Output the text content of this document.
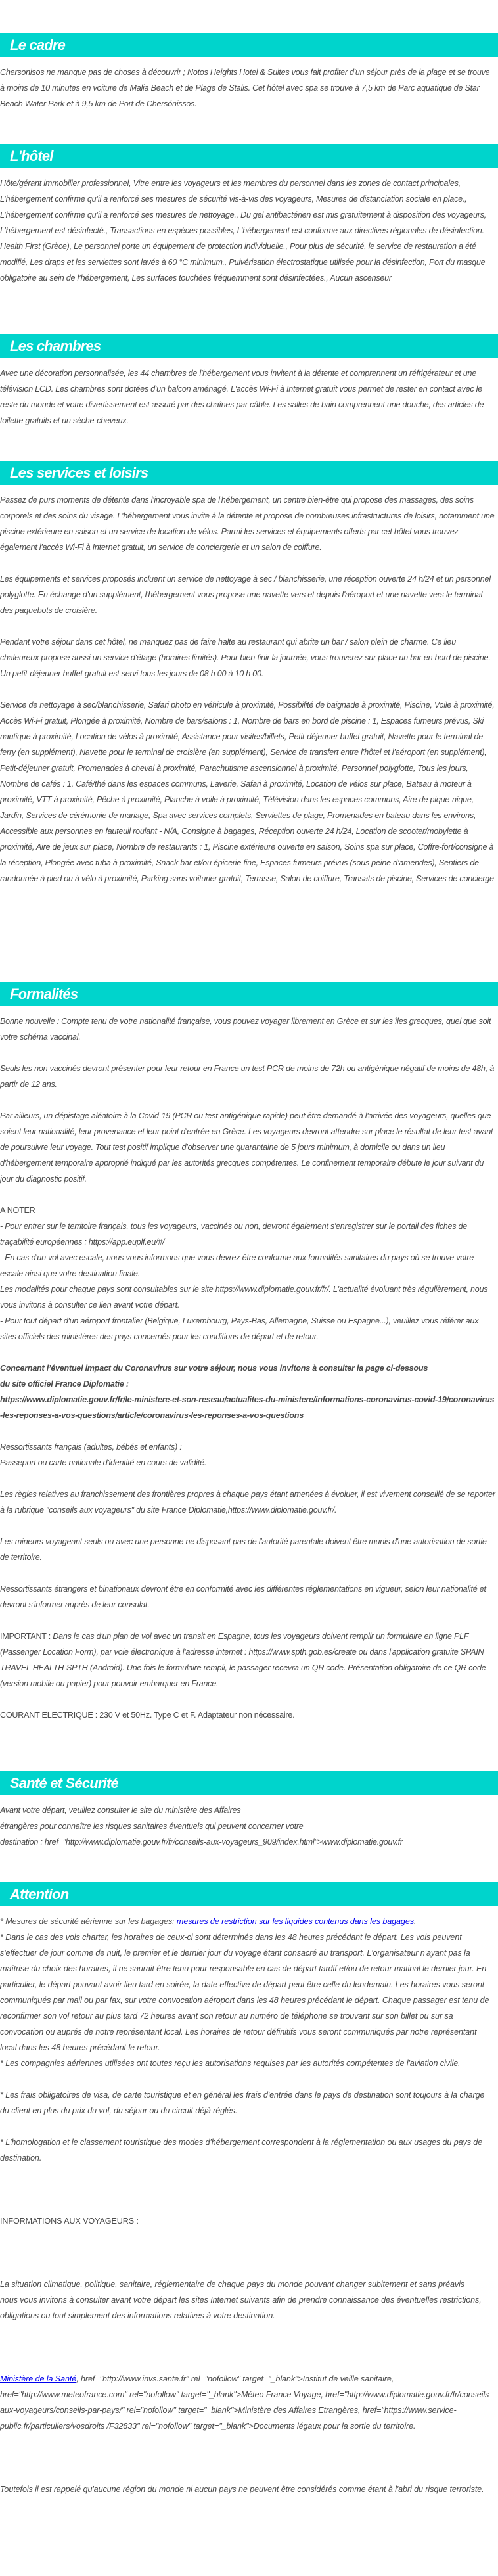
Le cadre

Chersonisos ne manque pas de choses à découvrir ; Notos Heights Hotel & Suites vous fait profiter d'un séjour près de la plage et se trouve à moins de 10 minutes en voiture de Malia Beach et de Plage de Stalis. Cet hôtel avec spa se trouve à 7,5 km de Parc aquatique de Star Beach Water Park et à 9,5 km de Port de Chersónissos.

L'hôtel

Hôte/gérant immobilier professionnel, Vitre entre les voyageurs et les membres du personnel dans les zones de contact principales, L’hébergement confirme qu’il a renforcé ses mesures de sécurité vis-à-vis des voyageurs, Mesures de distanciation sociale en place., L’hébergement confirme qu’il a renforcé ses mesures de nettoyage., Du gel antibactérien est mis gratuitement à disposition des voyageurs, L’hébergement est désinfecté., Transactions en espèces possibles, L’hébergement est conforme aux directives régionales de désinfection. Health First (Grèce), Le personnel porte un équipement de protection individuelle., Pour plus de sécurité, le service de restauration a été modifié, Les draps et les serviettes sont lavés à 60 °C minimum., Pulvérisation électrostatique utilisée pour la désinfection, Port du masque obligatoire au sein de l’hébergement, Les surfaces touchées fréquemment sont désinfectées., Aucun ascenseur

Les chambres

Avec une décoration personnalisée, les 44 chambres de l'hébergement vous invitent à la détente et comprennent un réfrigérateur et une télévision LCD. Les chambres sont dotées d'un balcon aménagé. L'accès Wi-Fi à Internet gratuit vous permet de rester en contact avec le reste du monde et votre divertissement est assuré par des chaînes par câble. Les salles de bain comprennent une douche, des articles de toilette gratuits et un sèche-cheveux.

Les services et loisirs

Passez de purs moments de détente dans l'incroyable spa de l'hébergement, un centre bien-être qui propose des massages, des soins corporels et des soins du visage. L'hébergement vous invite à la détente et propose de nombreuses infrastructures de loisirs, notamment une piscine extérieure en saison et un service de location de vélos. Parmi les services et équipements offerts par cet hôtel vous trouvez également l'accès Wi-Fi à Internet gratuit, un service de conciergerie et un salon de coiffure.

Les équipements et services proposés incluent un service de nettoyage à sec / blanchisserie, une réception ouverte 24 h/24 et un personnel polyglotte. En échange d'un supplément, l'hébergement vous propose une navette vers et depuis l'aéroport et une navette vers le terminal des paquebots de croisière.

Pendant votre séjour dans cet hôtel, ne manquez pas de faire halte au restaurant qui abrite un bar / salon plein de charme. Ce lieu chaleureux propose aussi un service d'étage (horaires limités). Pour bien finir la journée, vous trouverez sur place un bar en bord de piscine. Un petit-déjeuner buffet gratuit est servi tous les jours de 08 h 00 à 10 h 00.

Service de nettoyage à sec/blanchisserie, Safari photo en véhicule à proximité, Possibilité de baignade à proximité, Piscine, Voile à proximité, Accès Wi-Fi gratuit, Plongée à proximité, Nombre de bars/salons : 1, Nombre de bars en bord de piscine : 1, Espaces fumeurs prévus, Ski nautique à proximité, Location de vélos à proximité, Assistance pour visites/billets, Petit-déjeuner buffet gratuit, Navette pour le terminal de ferry (en supplément), Navette pour le terminal de croisière (en supplément), Service de transfert entre l’hôtel et l’aéroport (en supplément), Petit-déjeuner gratuit, Promenades à cheval à proximité, Parachutisme ascensionnel à proximité, Personnel polyglotte, Tous les jours, Nombre de cafés : 1, Café/thé dans les espaces communs, Laverie, Safari à proximité, Location de vélos sur place, Bateau à moteur à proximité, VTT à proximité, Pêche à proximité, Planche à voile à proximité, Télévision dans les espaces communs, Aire de pique-nique, Jardin, Services de cérémonie de mariage, Spa avec services complets, Serviettes de plage, Promenades en bateau dans les environs, Accessible aux personnes en fauteuil roulant - N/A, Consigne à bagages, Réception ouverte 24 h/24, Location de scooter/mobylette à proximité, Aire de jeux sur place, Nombre de restaurants : 1, Piscine extérieure ouverte en saison, Soins spa sur place, Coffre-fort/consigne à la réception, Plongée avec tuba à proximité, Snack bar et/ou épicerie fine, Espaces fumeurs prévus (sous peine d’amendes), Sentiers de randonnée à pied ou à vélo à proximité, Parking sans voiturier gratuit, Terrasse, Salon de coiffure, Transats de piscine, Services de concierge

Formalités

Bonne nouvelle : Compte tenu de votre nationalité française, vous pouvez voyager librement en Grèce et sur les îles grecques, quel que soit votre schéma vaccinal.

Seuls les non vaccinés devront présenter pour leur retour en France un test PCR de moins de 72h ou antigénique négatif de moins de 48h, à partir de 12 ans.

Par ailleurs, un dépistage aléatoire à la Covid-19 (PCR ou test antigénique rapide) peut être demandé à l'arrivée des voyageurs, quelles que soient leur nationalité, leur provenance et leur point d'entrée en Grèce. Les voyageurs devront attendre sur place le résultat de leur test avant de poursuivre leur voyage. Tout test positif implique d'observer une quarantaine de 5 jours minimum, à domicile ou dans un lieu d'hébergement temporaire approprié indiqué par les autorités grecques compétentes. Le confinement temporaire débute le jour suivant du jour du diagnostic positif.

A NOTER
- Pour entrer sur le territoire français, tous les voyageurs, vaccinés ou non, devront également s'enregistrer sur le portail des fiches de traçabilité européennes : https://app.euplf.eu/#/
- En cas d'un vol avec escale, nous vous informons que vous devrez être conforme aux formalités sanitaires du pays où se trouve votre escale ainsi que votre destination finale.
Les modalités pour chaque pays sont consultables sur le site https://www.diplomatie.gouv.fr/fr/. L'actualité évoluant très régulièrement, nous vous invitons à consulter ce lien avant votre départ.
- Pour tout départ d'un aéroport frontalier (Belgique, Luxembourg, Pays-Bas, Allemagne, Suisse ou Espagne...), veuillez vous référer aux sites officiels des ministères des pays concernés pour les conditions de départ et de retour.

Concernant l’éventuel impact du Coronavirus sur votre séjour, nous vous invitons à consulter la page ci-dessous
du site officiel France Diplomatie :
https://www.diplomatie.gouv.fr/fr/le-ministere-et-son-reseau/actualites-du-ministere/informations-coronavirus-covid-19/coronavirus-les-reponses-a-vos-questions/article/coronavirus-les-reponses-a-vos-questions

Ressortissants français (adultes, bébés et enfants) :
Passeport ou carte nationale d'identité en cours de validité.

Les règles relatives au franchissement des frontières propres à chaque pays étant amenées à évoluer, il est vivement conseillé de se reporter à la rubrique "conseils aux voyageurs" du site France Diplomatie,https://www.diplomatie.gouv.fr/.

Les mineurs voyageant seuls ou avec une personne ne disposant pas de l'autorité parentale doivent être munis d'une autorisation de sortie de territoire.

Ressortissants étrangers et binationaux devront être en conformité avec les différentes réglementations en vigueur, selon leur nationalité et devront s'informer auprès de leur consulat.

IMPORTANT : Dans le cas d'un plan de vol avec un transit en Espagne, tous les voyageurs doivent remplir un formulaire en ligne PLF (Passenger Location Form), par voie électronique à l'adresse internet : https://www.spth.gob.es/create ou dans l'application gratuite SPAIN TRAVEL HEALTH-SPTH (Android). Une fois le formulaire rempli, le passager recevra un QR code. Présentation obligatoire de ce QR code (version mobile ou papier) pour pouvoir embarquer en France.

COURANT ELECTRIQUE : 230 V et 50Hz. Type C et F. Adaptateur non nécessaire.

Santé et Sécurité

Avant votre départ, veuillez consulter le site du ministère des Affaires
étrangères pour connaître les risques sanitaires éventuels qui peuvent concerner votre
destination : href="http://www.diplomatie.gouv.fr/fr/conseils-aux-voyageurs_909/index.html">www.diplomatie.gouv.fr

Attention

* Mesures de sécurité aérienne sur les bagages: mesures de restriction sur les liquides contenus dans les bagages.

* Dans le cas des vols charter, les horaires de ceux-ci sont déterminés dans les 48 heures précédant le départ. Les vols peuvent s'effectuer de jour comme de nuit, le premier et le dernier jour du voyage étant consacré au transport. L'organisateur n'ayant pas la maîtrise du choix des horaires, il ne saurait être tenu pour responsable en cas de départ tardif et/ou de retour matinal le dernier jour. En particulier, le départ pouvant avoir lieu tard en soirée, la date effective de départ peut être celle du lendemain. Les horaires vous seront communiqués par mail ou par fax, sur votre convocation aéroport dans les 48 heures précédant le départ. Chaque passager est tenu de reconfirmer son vol retour au plus tard 72 heures avant son retour au numéro de téléphone se trouvant sur son billet ou sur sa convocation ou auprés de notre représentant local. Les horaires de retour définitifs vous seront communiqués par notre représentant local dans les 48 heures précédant le retour.

* Les compagnies aériennes utilisées ont toutes reçu les autorisations requises par les autorités compétentes de l'aviation civile.

* Les frais obligatoires de visa, de carte touristique et en général les frais d'entrée dans le pays de destination sont toujours à la charge du client en plus du prix du vol, du séjour ou du circuit déjà réglés.

* L'homologation et le classement touristique des modes d'hébergement correspondent à la réglementation ou aux usages du pays de destination.

INFORMATIONS AUX VOYAGEURS :

La situation climatique, politique, sanitaire, réglementaire de chaque pays du monde pouvant changer subitement et sans préavis
nous vous invitons à consulter avant votre départ les sites Internet suivants afin de prendre connaissance des éventuelles restrictions, obligations ou tout simplement des informations relatives à votre destination.

Ministère de la Santé, href="http://www.invs.sante.fr" rel="nofollow" target="_blank">Institut de veille sanitaire, href="http://www.meteofrance.com" rel="nofollow" target="_blank">Méteo France Voyage, href="http://www.diplomatie.gouv.fr/fr/conseils-aux-voyageurs/conseils-par-pays/" rel="nofollow" target="_blank">Ministère des Affaires Etrangères, href="https://www.service-public.fr/particuliers/vosdroits /F32833" rel="nofollow" target="_blank">Documents légaux pour la sortie du territoire.

Toutefois il est rappelé qu'aucune région du monde ni aucun pays ne peuvent être considérés comme étant à l'abri du risque terroriste.
